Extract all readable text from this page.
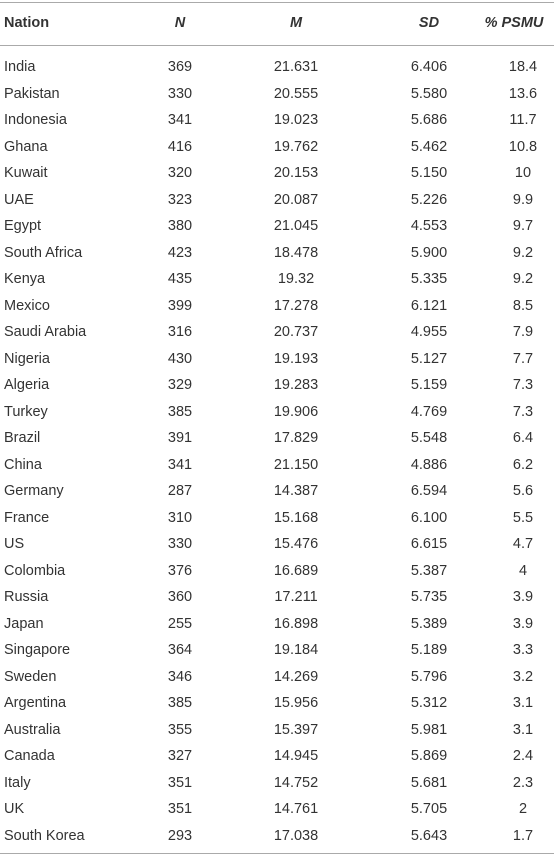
Nation	N	M	SD	% PSMU
India	369	21.631	6.406	18.4
Pakistan	330	20.555	5.580	13.6
Indonesia	341	19.023	5.686	11.7
Ghana	416	19.762	5.462	10.8
Kuwait	320	20.153	5.150	10
UAE	323	20.087	5.226	9.9
Egypt	380	21.045	4.553	9.7
South Africa	423	18.478	5.900	9.2
Kenya	435	19.32	5.335	9.2
Mexico	399	17.278	6.121	8.5
Saudi Arabia	316	20.737	4.955	7.9
Nigeria	430	19.193	5.127	7.7
Algeria	329	19.283	5.159	7.3
Turkey	385	19.906	4.769	7.3
Brazil	391	17.829	5.548	6.4
China	341	21.150	4.886	6.2
Germany	287	14.387	6.594	5.6
France	310	15.168	6.100	5.5
US	330	15.476	6.615	4.7
Colombia	376	16.689	5.387	4
Russia	360	17.211	5.735	3.9
Japan	255	16.898	5.389	3.9
Singapore	364	19.184	5.189	3.3
Sweden	346	14.269	5.796	3.2
Argentina	385	15.956	5.312	3.1
Australia	355	15.397	5.981	3.1
Canada	327	14.945	5.869	2.4
Italy	351	14.752	5.681	2.3
UK	351	14.761	5.705	2
South Korea	293	17.038	5.643	1.7
